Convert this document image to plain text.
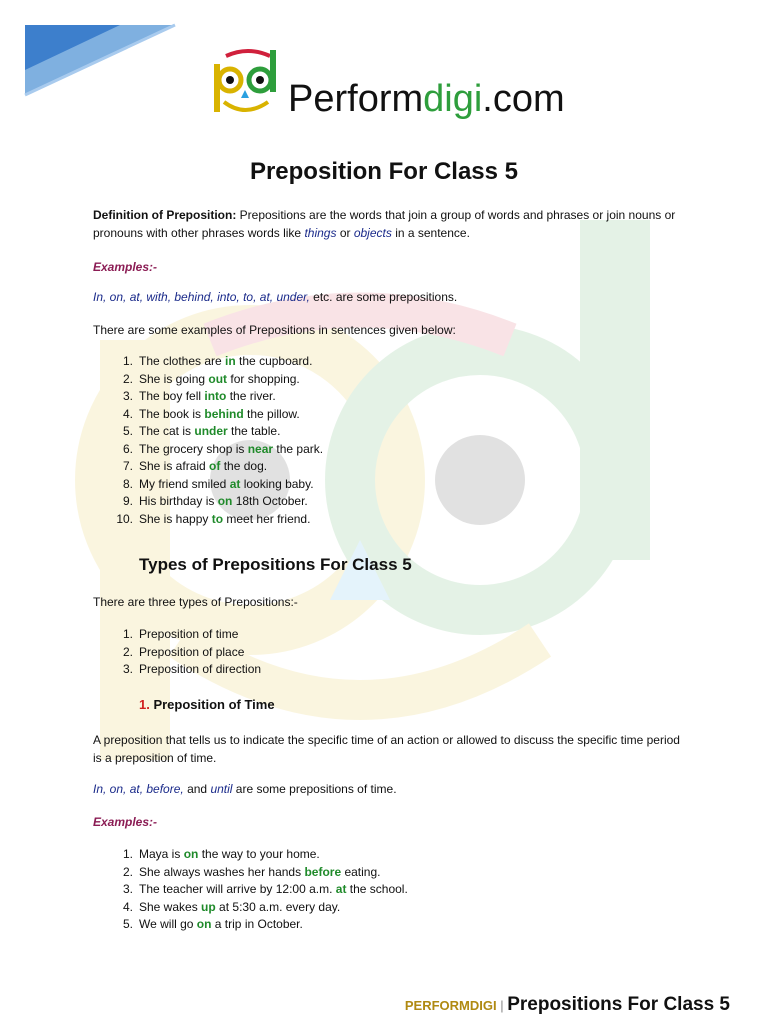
Performdigi.com
Preposition For Class 5

Definition of Preposition: Prepositions are the words that join a group of words and phrases or join nouns or pronouns with other phrases words like things or objects in a sentence.

Examples:-

In, on, at, with, behind, into, to, at, under, etc. are some prepositions.

There are some examples of Prepositions in sentences given below:

1. The clothes are in the cupboard.
2. She is going out for shopping.
3. The boy fell into the river.
4. The book is behind the pillow.
5. The cat is under the table.
6. The grocery shop is near the park.
7. She is afraid of the dog.
8. My friend smiled at looking baby.
9. His birthday is on 18th October.
10. She is happy to meet her friend.
Types of Prepositions For Class 5

There are three types of Prepositions:-

1. Preposition of time
2. Preposition of place
3. Preposition of direction
1. Preposition of Time

A preposition that tells us to indicate the specific time of an action or allowed to discuss the specific time period is a preposition of time.

In, on, at, before, and until are some prepositions of time.

Examples:-

1. Maya is on the way to your home.
2. She always washes her hands before eating.
3. The teacher will arrive by 12:00 a.m. at the school.
4. She wakes up at 5:30 a.m. every day.
5. We will go on a trip in October.
PERFORMDIGI | Prepositions For Class 5
